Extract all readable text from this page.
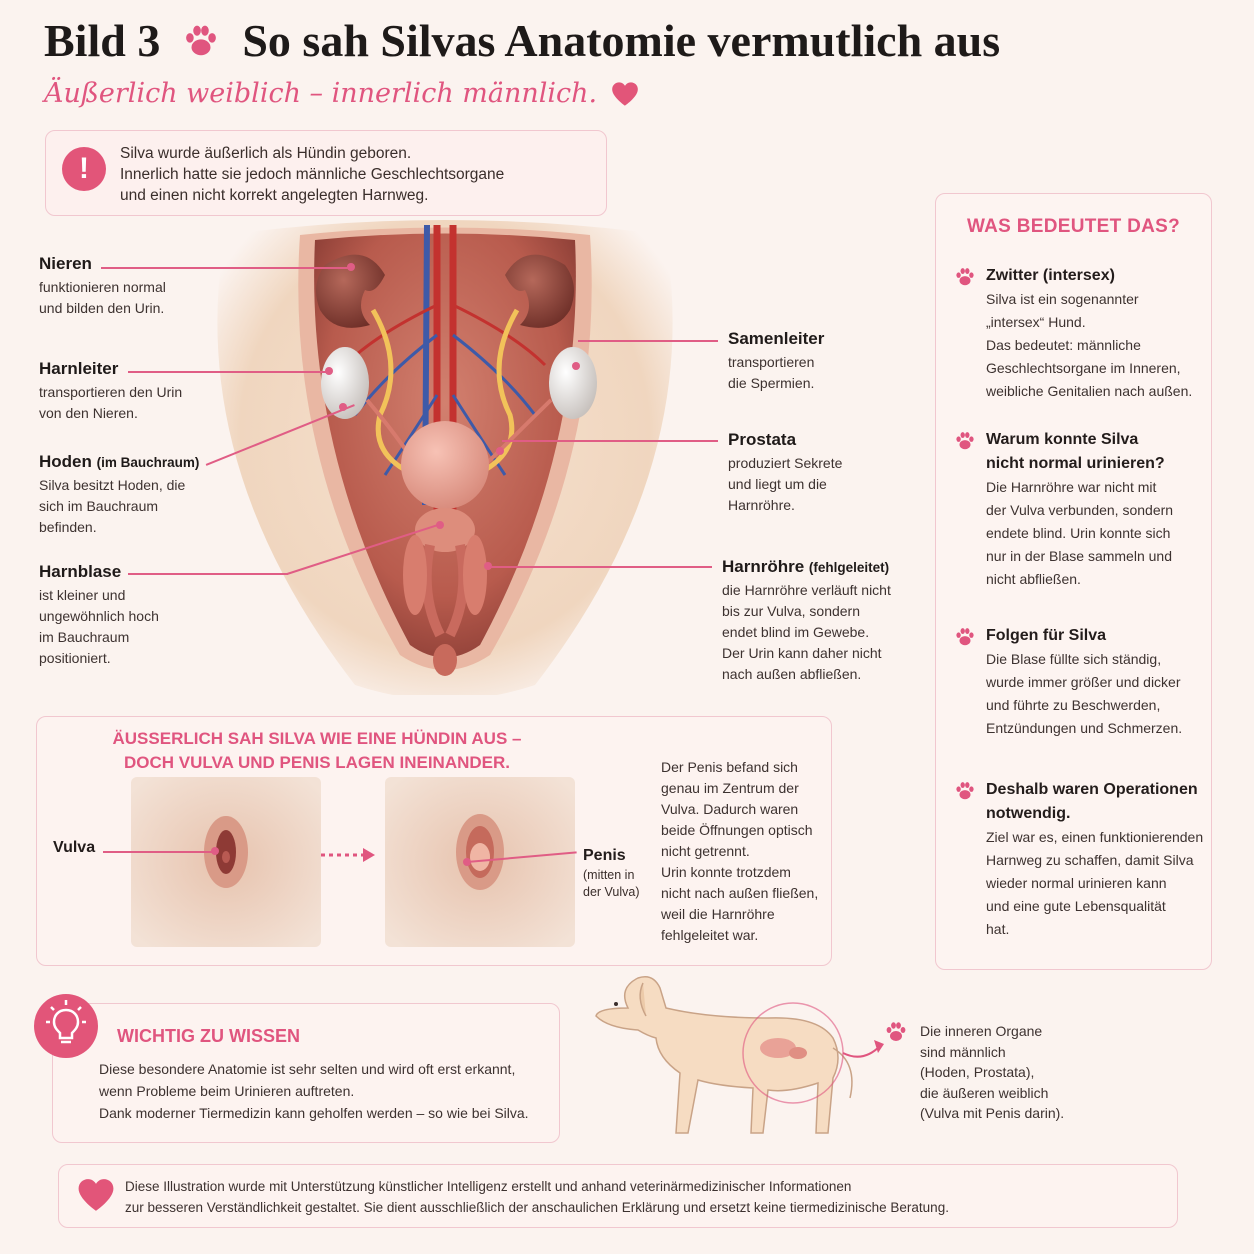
Bild 3 So sah Silvas Anatomie vermutlich aus
Äußerlich weiblich – innerlich männlich.
!	Silva wurde äußerlich als Hündin geboren.
Innerlich hatte sie jedoch männliche Geschlechtsorgane
und einen nicht korrekt angelegten Harnweg.
Nieren
funktionieren normal
und bilden den Urin.
Harnleiter
transportieren den Urin
von den Nieren.
Hoden (im Bauchraum)
Silva besitzt Hoden, die
sich im Bauchraum
befinden.
Harnblase
ist kleiner und
ungewöhnlich hoch
im Bauchraum
positioniert.
Samenleiter
transportieren
die Spermien.
Prostata
produziert Sekrete
und liegt um die
Harnröhre.
Harnröhre (fehlgeleitet)
die Harnröhre verläuft nicht
bis zur Vulva, sondern
endet blind im Gewebe.
Der Urin kann daher nicht
nach außen abfließen.
WAS BEDEUTET DAS?
Zwitter (intersex)
Silva ist ein sogenannter
„intersex“ Hund.
Das bedeutet: männliche
Geschlechtsorgane im Inneren,
weibliche Genitalien nach außen.
Warum konnte Silva
nicht normal urinieren?
Die Harnröhre war nicht mit
der Vulva verbunden, sondern
endete blind. Urin konnte sich
nur in der Blase sammeln und
nicht abfließen.
Folgen für Silva
Die Blase füllte sich ständig,
wurde immer größer und dicker
und führte zu Beschwerden,
Entzündungen und Schmerzen.
Deshalb waren Operationen
notwendig.
Ziel war es, einen funktionierenden
Harnweg zu schaffen, damit Silva
wieder normal urinieren kann
und eine gute Lebensqualität
hat.
ÄUSSERLICH SAH SILVA WIE EINE HÜNDIN AUS –
DOCH VULVA UND PENIS LAGEN INEINANDER.
Vulva	Penis
(mitten in
der Vulva)
Der Penis befand sich
genau im Zentrum der
Vulva. Dadurch waren
beide Öffnungen optisch
nicht getrennt.
Urin konnte trotzdem
nicht nach außen fließen,
weil die Harnröhre
fehlgeleitet war.
WICHTIG ZU WISSEN
Diese besondere Anatomie ist sehr selten und wird oft erst erkannt,
wenn Probleme beim Urinieren auftreten.
Dank moderner Tiermedizin kann geholfen werden – so wie bei Silva.
Die inneren Organe
sind männlich
(Hoden, Prostata),
die äußeren weiblich
(Vulva mit Penis darin).
Diese Illustration wurde mit Unterstützung künstlicher Intelligenz erstellt und anhand veterinärmedizinischer Informationen
zur besseren Verständlichkeit gestaltet. Sie dient ausschließlich der anschaulichen Erklärung und ersetzt keine tiermedizinische Beratung.
